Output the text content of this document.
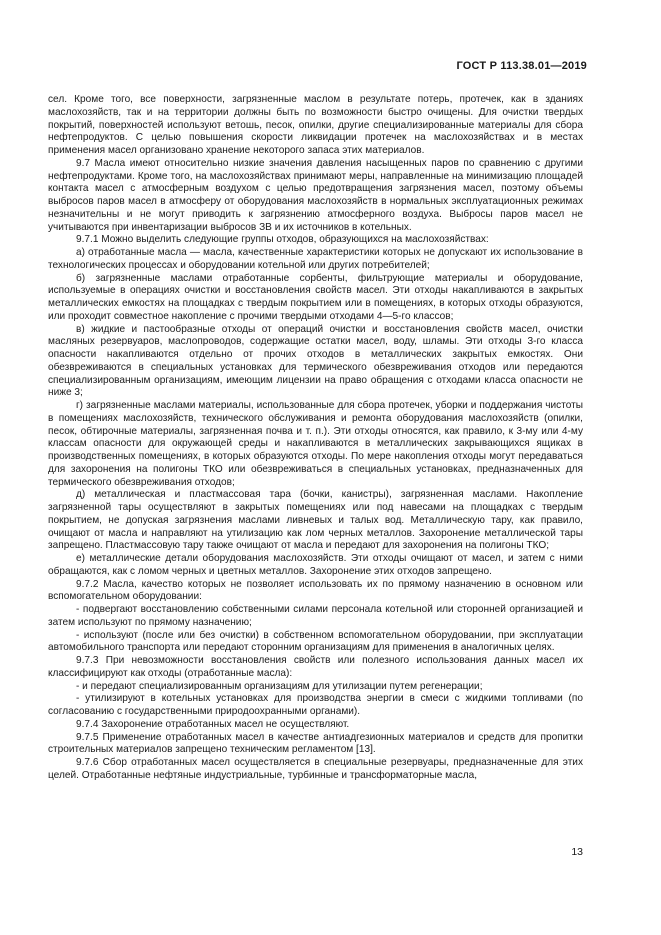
ГОСТ Р 113.38.01—2019

сел. Кроме того, все поверхности, загрязненные маслом в результате потерь, протечек, как в зданиях маслохозяйств, так и на территории должны быть по возможности быстро очищены. Для очистки твердых покрытий, поверхностей используют ветошь, песок, опилки, другие специализированные материалы для сбора нефтепродуктов. С целью повышения скорости ликвидации протечек на маслохозяйствах и в местах применения масел организовано хранение некоторого запаса этих материалов.

9.7 Масла имеют относительно низкие значения давления насыщенных паров по сравнению с другими нефтепродуктами. Кроме того, на маслохозяйствах принимают меры, направленные на минимизацию площадей контакта масел с атмосферным воздухом с целью предотвращения загрязнения масел, поэтому объемы выбросов паров масел в атмосферу от оборудования маслохозяйств в нормальных эксплуатационных режимах незначительны и не могут приводить к загрязнению атмосферного воздуха. Выбросы паров масел не учитываются при инвентаризации выбросов ЗВ и их источников в котельных.

9.7.1 Можно выделить следующие группы отходов, образующихся на маслохозяйствах:

а) отработанные масла — масла, качественные характеристики которых не допускают их использование в технологических процессах и оборудовании котельной или других потребителей;

б) загрязненные маслами отработанные сорбенты, фильтрующие материалы и оборудование, используемые в операциях очистки и восстановления свойств масел. Эти отходы накапливаются в закрытых металлических емкостях на площадках с твердым покрытием или в помещениях, в которых отходы образуются, или проходит совместное накопление с прочими твердыми отходами 4—5-го классов;

в) жидкие и пастообразные отходы от операций очистки и восстановления свойств масел, очистки масляных резервуаров, маслопроводов, содержащие остатки масел, воду, шламы. Эти отходы 3-го класса опасности накапливаются отдельно от прочих отходов в металлических закрытых емкостях. Они обезвреживаются в специальных установках для термического обезвреживания отходов или передаются специализированным организациям, имеющим лицензии на право обращения с отходами класса опасности не ниже 3;

г) загрязненные маслами материалы, использованные для сбора протечек, уборки и поддержания чистоты в помещениях маслохозяйств, технического обслуживания и ремонта оборудования маслохозяйств (опилки, песок, обтирочные материалы, загрязненная почва и т. п.). Эти отходы относятся, как правило, к 3-му или 4-му классам опасности для окружающей среды и накапливаются в металлических закрывающихся ящиках в производственных помещениях, в которых образуются отходы. По мере накопления отходы могут передаваться для захоронения на полигоны ТКО или обезвреживаться в специальных установках, предназначенных для термического обезвреживания отходов;

д) металлическая и пластмассовая тара (бочки, канистры), загрязненная маслами. Накопление загрязненной тары осуществляют в закрытых помещениях или под навесами на площадках с твердым покрытием, не допуская загрязнения маслами ливневых и талых вод. Металлическую тару, как правило, очищают от масла и направляют на утилизацию как лом черных металлов. Захоронение металлической тары запрещено. Пластмассовую тару также очищают от масла и передают для захоронения на полигоны ТКО;

е) металлические детали оборудования маслохозяйств. Эти отходы очищают от масел, и затем с ними обращаются, как с ломом черных и цветных металлов. Захоронение этих отходов запрещено.

9.7.2 Масла, качество которых не позволяет использовать их по прямому назначению в основном или вспомогательном оборудовании:

- подвергают восстановлению собственными силами персонала котельной или сторонней организацией и затем используют по прямому назначению;

- используют (после или без очистки) в собственном вспомогательном оборудовании, при эксплуатации автомобильного транспорта или передают сторонним организациям для применения в аналогичных целях.

9.7.3 При невозможности восстановления свойств или полезного использования данных масел их классифицируют как отходы (отработанные масла):

- и передают специализированным организациям для утилизации путем регенерации;

- утилизируют в котельных установках для производства энергии в смеси с жидкими топливами (по согласованию с государственными природоохранными органами).

9.7.4 Захоронение отработанных масел не осуществляют.

9.7.5 Применение отработанных масел в качестве антиадгезионных материалов и средств для пропитки строительных материалов запрещено техническим регламентом [13].

9.7.6 Сбор отработанных масел осуществляется в специальные резервуары, предназначенные для этих целей. Отработанные нефтяные индустриальные, турбинные и трансформаторные масла,

13
